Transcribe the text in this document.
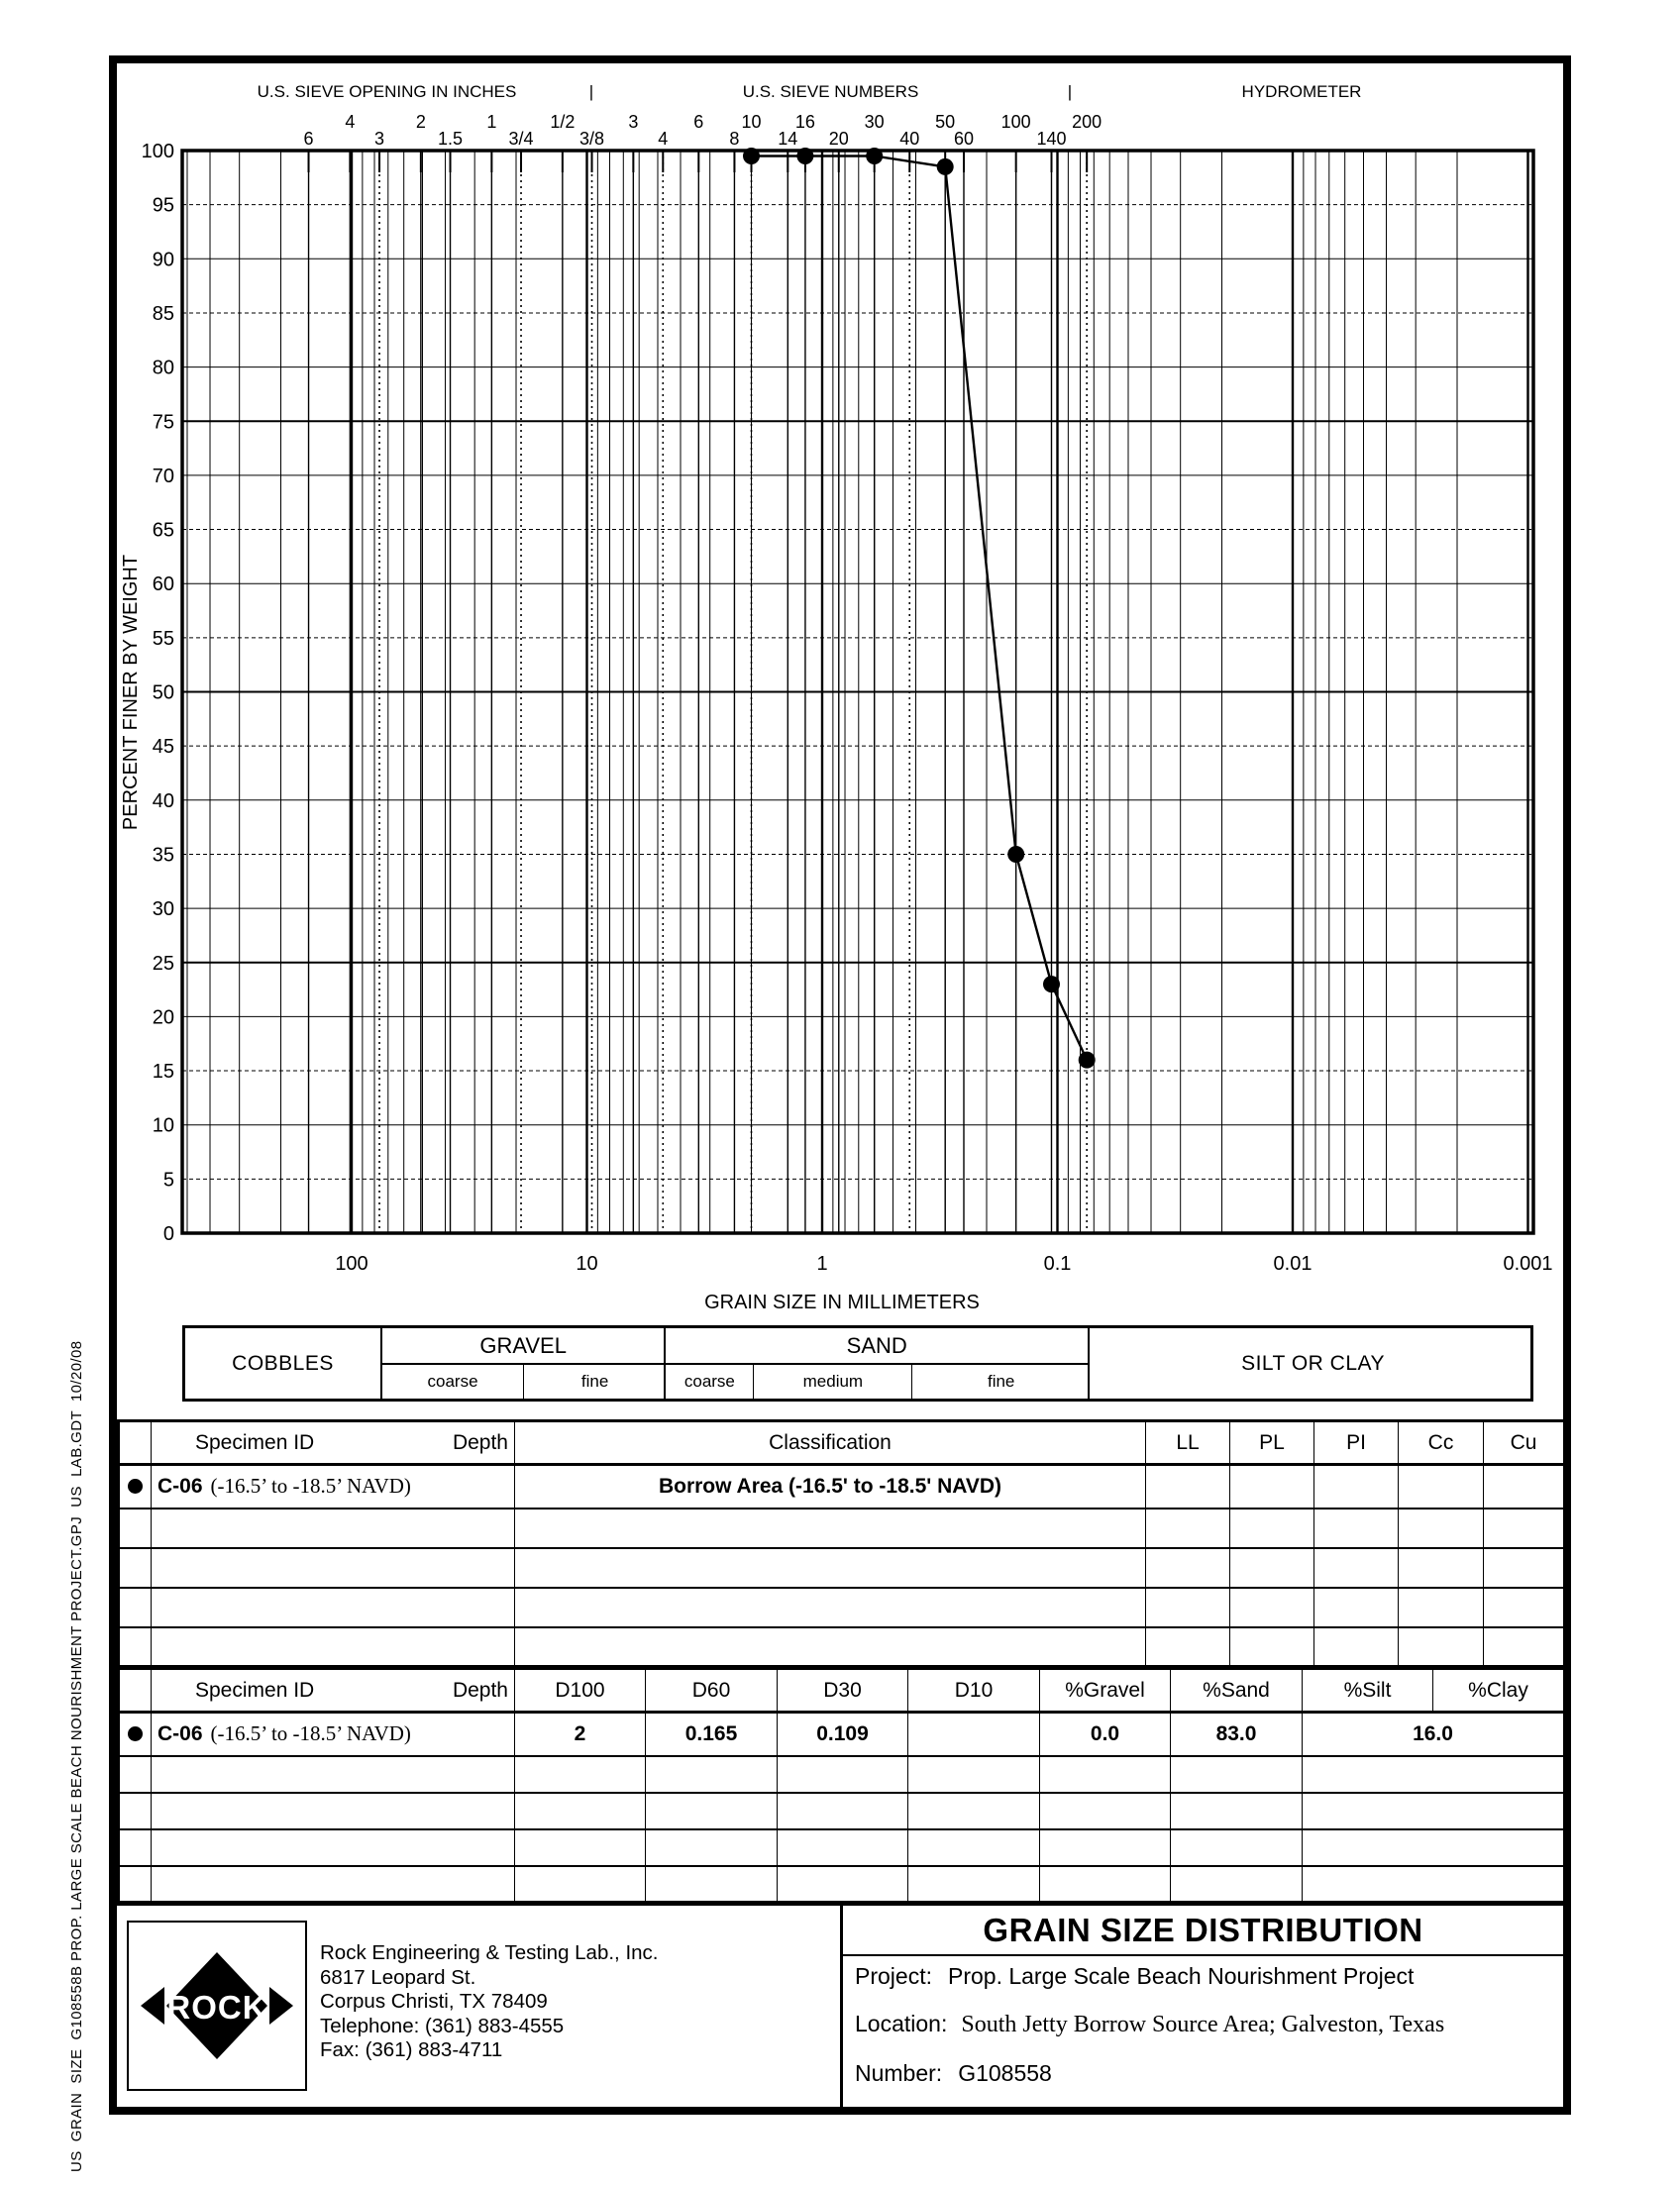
US  GRAIN  SIZE  G108558B PROP. LARGE SCALE BEACH NOURISHMENT PROJECT.GPJ  US  LAB.GDT  10/20/08
6
4
3
2
1.5
1
3/4
1/2
3/8
3
4
6
8
10
14
16
20
30
40
50
60
100
140
200
U.S. SIEVE OPENING IN INCHES	U.S. SIEVE NUMBERS	HYDROMETER
|	|
0
5
10
15
20
25
30
35
40
45
50
55
60
65
70
75
80
85
90
95
100
100	10	1	0.1	0.01	0.001
GRAIN SIZE IN MILLIMETERS
PERCENT FINER BY WEIGHT
COBBLES
GRAVEL
coarse	fine
SAND
coarse	medium	fine
SILT OR CLAY

	Specimen ID Depth	Classification	LL	PL	PI	Cc	Cu

	C-06 (-16.5’ to -18.5’ NAVD)	Borrow Area (-16.5' to -18.5' NAVD)					

	Specimen ID Depth	D100	D60	D30	D10	%Gravel	%Sand	%Silt	%Clay

	C-06 (-16.5’ to -18.5’ NAVD)	2	0.165	0.109		0.0	83.0	16.0	

ROCK
Rock Engineering & Testing Lab., Inc.
6817 Leopard St.
Corpus Christi, TX 78409
Telephone: (361) 883-4555
Fax: (361) 883-4711
GRAIN SIZE DISTRIBUTION
Project: Prop. Large Scale Beach Nourishment Project
Location: South Jetty Borrow Source Area; Galveston, Texas
Number: G108558
